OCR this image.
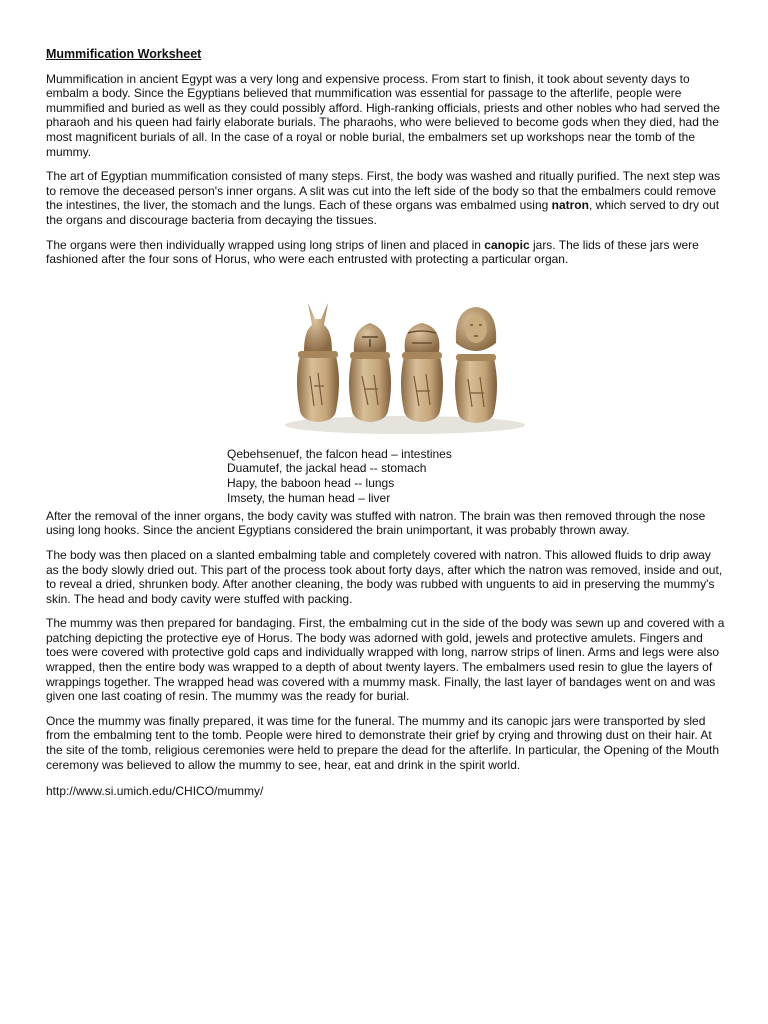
Mummification Worksheet

Mummification in ancient Egypt was a very long and expensive process. From start to finish, it took about seventy days to embalm a body. Since the Egyptians believed that mummification was essential for passage to the afterlife, people were mummified and buried as well as they could possibly afford. High-ranking officials, priests and other nobles who had served the pharaoh and his queen had fairly elaborate burials. The pharaohs, who were believed to become gods when they died, had the most magnificent burials of all. In the case of a royal or noble burial, the embalmers set up workshops near the tomb of the mummy.

The art of Egyptian mummification consisted of many steps. First, the body was washed and ritually purified. The next step was to remove the deceased person's inner organs. A slit was cut into the left side of the body so that the embalmers could remove the intestines, the liver, the stomach and the lungs. Each of these organs was embalmed using natron, which served to dry out the organs and discourage bacteria from decaying the tissues.

The organs were then individually wrapped using long strips of linen and placed in canopic jars. The lids of these jars were fashioned after the four sons of Horus, who were each entrusted with protecting a particular organ.

Qebehsenuef, the falcon head – intestines
Duamutef, the jackal head -- stomach
Hapy, the baboon head -- lungs
Imsety, the human head – liver

After the removal of the inner organs, the body cavity was stuffed with natron. The brain was then removed through the nose using long hooks. Since the ancient Egyptians considered the brain unimportant, it was probably thrown away.

The body was then placed on a slanted embalming table and completely covered with natron. This allowed fluids to drip away as the body slowly dried out. This part of the process took about forty days, after which the natron was removed, inside and out, to reveal a dried, shrunken body. After another cleaning, the body was rubbed with unguents to aid in preserving the mummy's skin. The head and body cavity were stuffed with packing.

The mummy was then prepared for bandaging. First, the embalming cut in the side of the body was sewn up and covered with a patching depicting the protective eye of Horus. The body was adorned with gold, jewels and protective amulets. Fingers and toes were covered with protective gold caps and individually wrapped with long, narrow strips of linen. Arms and legs were also wrapped, then the entire body was wrapped to a depth of about twenty layers. The embalmers used resin to glue the layers of wrappings together. The wrapped head was covered with a mummy mask. Finally, the last layer of bandages went on and was given one last coating of resin. The mummy was the ready for burial.

Once the mummy was finally prepared, it was time for the funeral. The mummy and its canopic jars were transported by sled from the embalming tent to the tomb. People were hired to demonstrate their grief by crying and throwing dust on their hair. At the site of the tomb, religious ceremonies were held to prepare the dead for the afterlife. In particular, the Opening of the Mouth ceremony was believed to allow the mummy to see, hear, eat and drink in the spirit world.

http://www.si.umich.edu/CHICO/mummy/
